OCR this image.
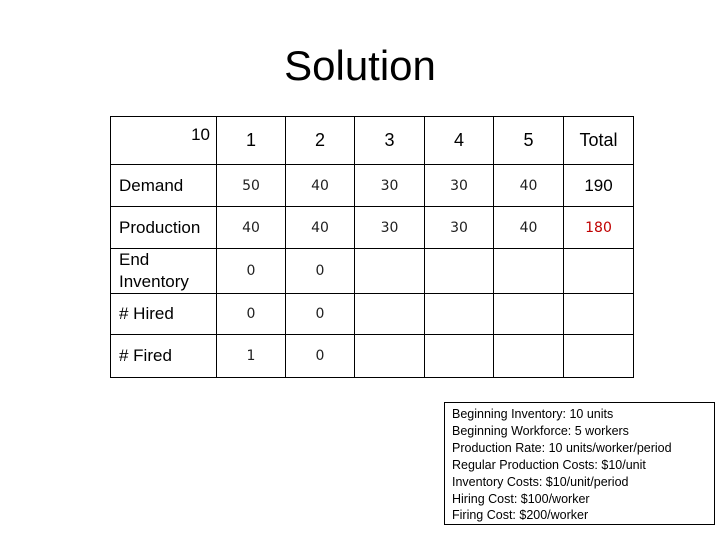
Solution
10	1	2	3	4	5	Total
Demand	50	40	30	30	40	190
Production	40	40	30	30	40	180
End Inventory	0	0				
# Hired	0	0				
# Fired	1	0				
Beginning Inventory: 10 units
Beginning Workforce: 5 workers
Production Rate: 10 units/worker/period
Regular Production Costs: $10/unit
Inventory Costs: $10/unit/period
Hiring Cost: $100/worker
Firing Cost: $200/worker
